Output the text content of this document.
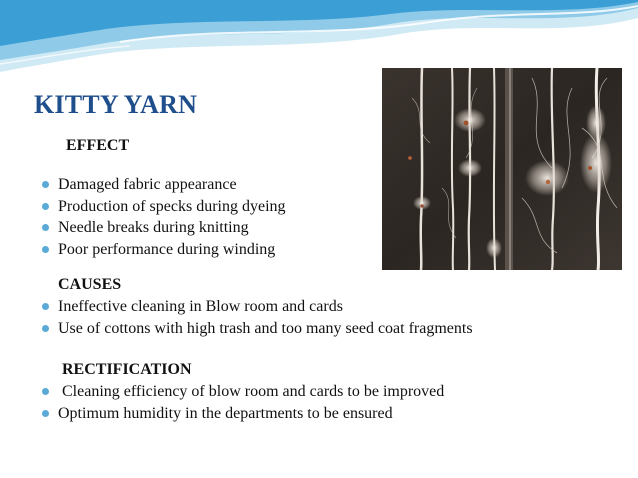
KITTY YARN
EFFECT
Damaged fabric appearance
Production of specks during dyeing
Needle breaks during knitting
Poor performance during winding
CAUSES
Ineffective cleaning in Blow room and cards
Use of cottons with high trash and too many seed coat fragments
RECTIFICATION
Cleaning efficiency of blow room and cards to be improved
Optimum humidity in the departments to be ensured
